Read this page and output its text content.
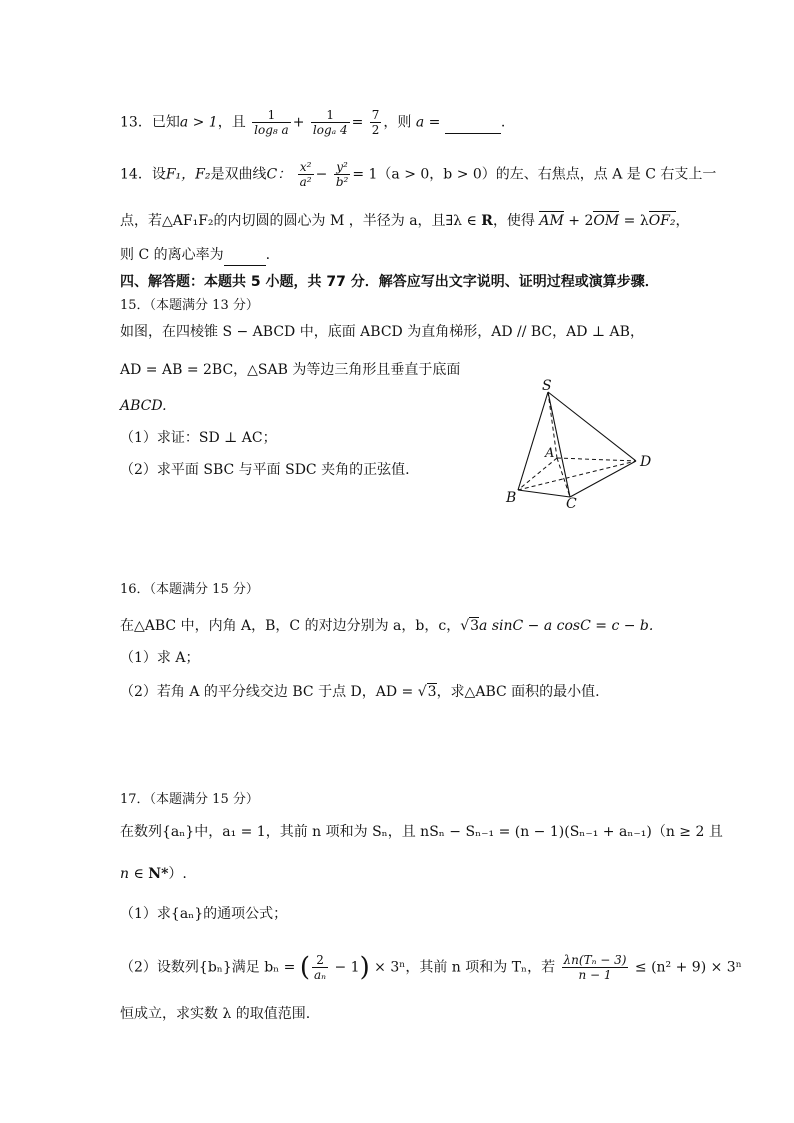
13．已知a > 1，且 $\frac{1}{\text{log₈ a}} + \frac{1}{\text{logₐ 4}} = \frac{7}{2}$ ，则 a =	.
14．设F₁，F₂是双曲线C： $\frac{\text{x²}}{\text{a²}} - \frac{\text{y²}}{\text{b²}} = 1(a > 0$，b > 0）的左、右焦点，点 A 是 C 右支上一
点，若△AF₁F₂的内切圆的圆心为 M ，半径为 a，且∃λ ∈ R，使得 AM + 2OM = λOF₂，
则 C 的离心率为	.
四、解答题：本题共 5 小题，共 77 分．解答应写出文字说明、证明过程或演算步骤．
15．（本题满分 13 分）
如图，在四棱锥 S − ABCD 中，底面 ABCD 为直角梯形，AD // BC，AD ⊥ AB，
AD = AB = 2BC，△SAB 为等边三角形且垂直于底面
ABCD.
（1）求证：SD ⊥ AC；
（2）求平面 SBC 与平面 SDC 夹角的正弦值.
S
A
B	C
D
16．（本题满分 15 分）
在△ABC 中，内角 A，B，C 的对边分别为 a，b，c，√3a sinC − a cosC = c − b.
（1）求 A；
（2）若角 A 的平分线交边 BC 于点 D，AD = √3，求△ABC 面积的最小值.
17．（本题满分 15 分）
在数列{aₙ}中，a₁ = 1，其前 n 项和为 Sₙ，且 nSₙ − Sₙ₋₁ = (n − 1)(Sₙ₋₁ + aₙ₋₁)（n ≥ 2 且
n ∈ N*）.
（1）求{aₙ}的通项公式；
（2）设数列{bₙ}满足 bₙ = ( $\frac{2}{\text{aₙ}} - 1) \times 3^n$，其前 n 项和为 Tₙ，若 $\frac{\text{λn(Tₙ − 3)}}{n - 1} \le (n^2 + 9) \times 3^n$
恒成立，求实数 λ 的取值范围.
